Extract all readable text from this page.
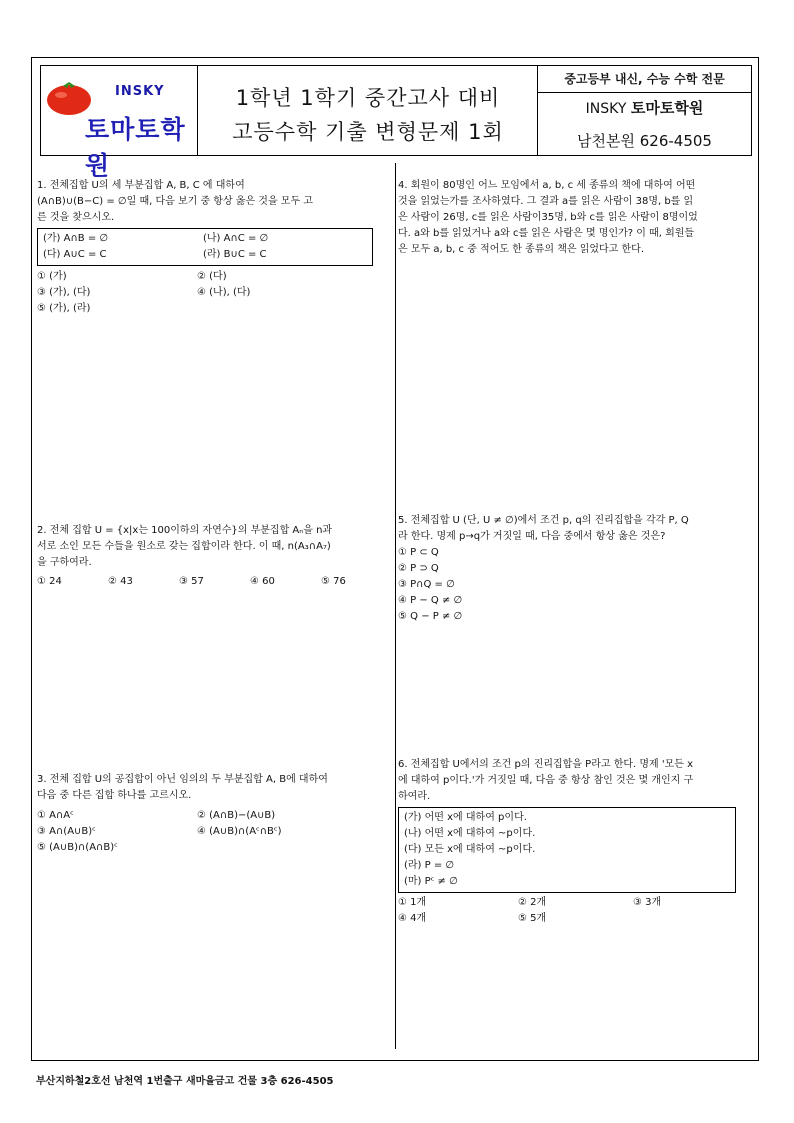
INSKY
토마토학원
1학년 1학기 중간고사 대비
고등수학 기출 변형문제 1회
중고등부 내신, 수능 수학 전문
INSKY 토마토학원
남천본원 626-4505

1. 전체집합 U의 세 부분집합 A, B, C 에 대하여

(A∩B)∪(B−C) = ∅일 때, 다음 보기 중 항상 옳은 것을 모두 고

른 것을 찾으시오.

(가) A∩B = ∅	(나) A∩C = ∅
(다) A∪C = C	(라) B∪C = C
① (가)	② (다)
③ (가), (다)	④ (나), (다)
⑤ (가), (라)

2. 전체 집합 U = {x|x는 100이하의 자연수}의 부분집합 Aₙ을 n과

서로 소인 모든 수들을 원소로 갖는 집합이라 한다. 이 때, n(A₃∩A₇)

을 구하여라.

① 24	② 43	③ 57	④ 60	⑤ 76

3. 전체 집합 U의 공집합이 아닌 임의의 두 부분집합 A, B에 대하여

다음 중 다른 집합 하나를 고르시오.

① A∩Aᶜ	② (A∩B)−(A∪B)
③ A∩(A∪B)ᶜ	④ (A∪B)∩(Aᶜ∩Bᶜ)
⑤ (A∪B)∩(A∩B)ᶜ

4. 회원이 80명인 어느 모임에서 a, b, c 세 종류의 책에 대하여 어떤

것을 읽었는가를 조사하였다. 그 결과 a를 읽은 사람이 38명, b를 읽

은 사람이 26명, c를 읽은 사람이35명, b와 c를 읽은 사람이 8명이었

다. a와 b를 읽었거나 a와 c를 읽은 사람은 몇 명인가? 이 때, 회원들

은 모두 a, b, c 중 적어도 한 종류의 책은 읽었다고 한다.

5. 전체집합 U (단, U ≠ ∅)에서 조건 p, q의 진리집합을 각각 P, Q

라 한다. 명제 p→q가 거짓일 때, 다음 중에서 항상 옳은 것은?

① P ⊂ Q

② P ⊃ Q

③ P∩Q = ∅

④ P − Q ≠ ∅

⑤ Q − P ≠ ∅

6. 전체집합 U에서의 조건 p의 진리집합을 P라고 한다. 명제 '모든 x

에 대하여 p이다.'가 거짓일 때, 다음 중 항상 참인 것은 몇 개인지 구

하여라.

(가) 어떤 x에 대하여 p이다.

(나) 어떤 x에 대하여 ~p이다.

(다) 모든 x에 대하여 ~p이다.

(라) P = ∅

(마) Pᶜ ≠ ∅

① 1개	② 2개	③ 3개
④ 4개	⑤ 5개
부산지하철2호선 남천역 1번출구 새마을금고 건물 3층 626-4505
